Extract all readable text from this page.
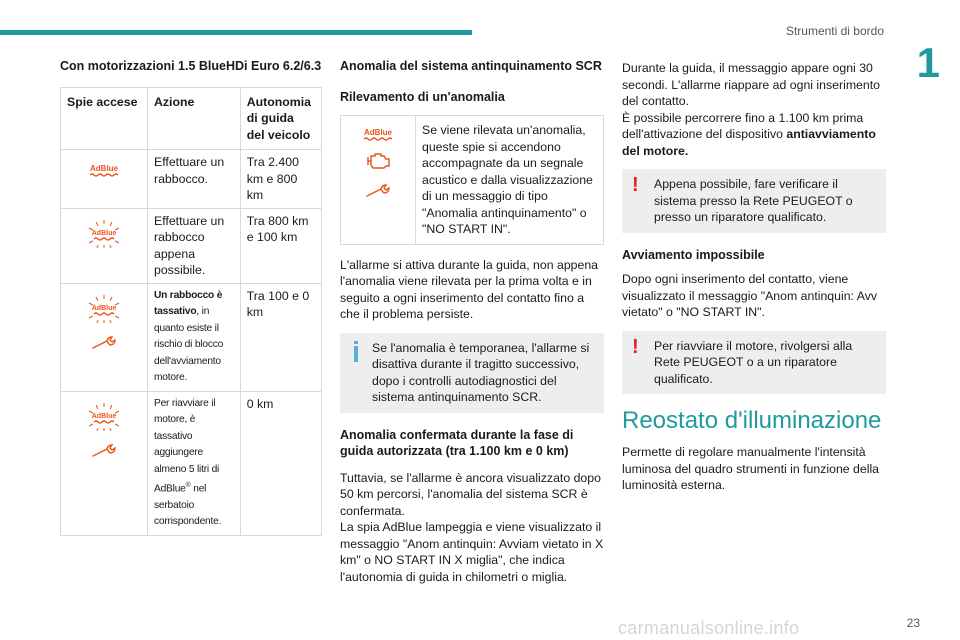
Strumenti di bordo
1
Con motorizzazioni 1.5 BlueHDi Euro 6.2/6.3
Spie accese	Azione	Autonomia di guida del veicolo
AdBlue	Effettuare un rabbocco.	Tra 2.400 km e 800 km

AdBlue	Effettuare un rabbocco appena possibile.	Tra 800 km e 100 km

AdBlue	Un rabbocco è tassativo, in quanto esiste il rischio di blocco dell'avviamento motore.	Tra 100 e 0 km

AdBlue	Per riavviare il motore, è tassativo aggiungere almeno 5 litri di AdBlue® nel serbatoio corrispondente.	0 km
Anomalia del sistema antinquinamento SCR
Rilevamento di un'anomalia
AdBlue	Se viene rilevata un'anomalia, queste spie si accendono accompagnate da un segnale acustico e dalla visualizzazione di un messaggio di tipo "Anomalia antinquinamento" o "NO START IN".
L'allarme si attiva durante la guida, non appena l'anomalia viene rilevata per la prima volta e in seguito a ogni inserimento del contatto fino a che il problema persiste.
Se l'anomalia è temporanea, l'allarme si disattiva durante il tragitto successivo, dopo i controlli autodiagnostici del sistema antinquinamento SCR.
Anomalia confermata durante la fase di guida autorizzata (tra 1.100 km e 0 km)
Tuttavia, se l'allarme è ancora visualizzato dopo 50 km percorsi, l'anomalia del sistema SCR è confermata.
La spia AdBlue lampeggia e viene visualizzato il messaggio "Anom antinquin: Avviam vietato in X km" o NO START IN X miglia", che indica l'autonomia di guida in chilometri o miglia.
Durante la guida, il messaggio appare ogni 30 secondi. L'allarme riappare ad ogni inserimento del contatto.
È possibile percorrere fino a 1.100 km prima dell'attivazione del dispositivo antiavviamento del motore.
!	Appena possibile, fare verificare il sistema presso la Rete PEUGEOT o presso un riparatore qualificato.
Avviamento impossibile
Dopo ogni inserimento del contatto, viene visualizzato il messaggio "Anom antinquin: Avv vietato" o "NO START IN".
!	Per riavviare il motore, rivolgersi alla Rete PEUGEOT o a un riparatore qualificato.
Reostato d'illuminazione
Permette di regolare manualmente l'intensità luminosa del quadro strumenti in funzione della luminosità esterna.
carmanualsonline.info	23
